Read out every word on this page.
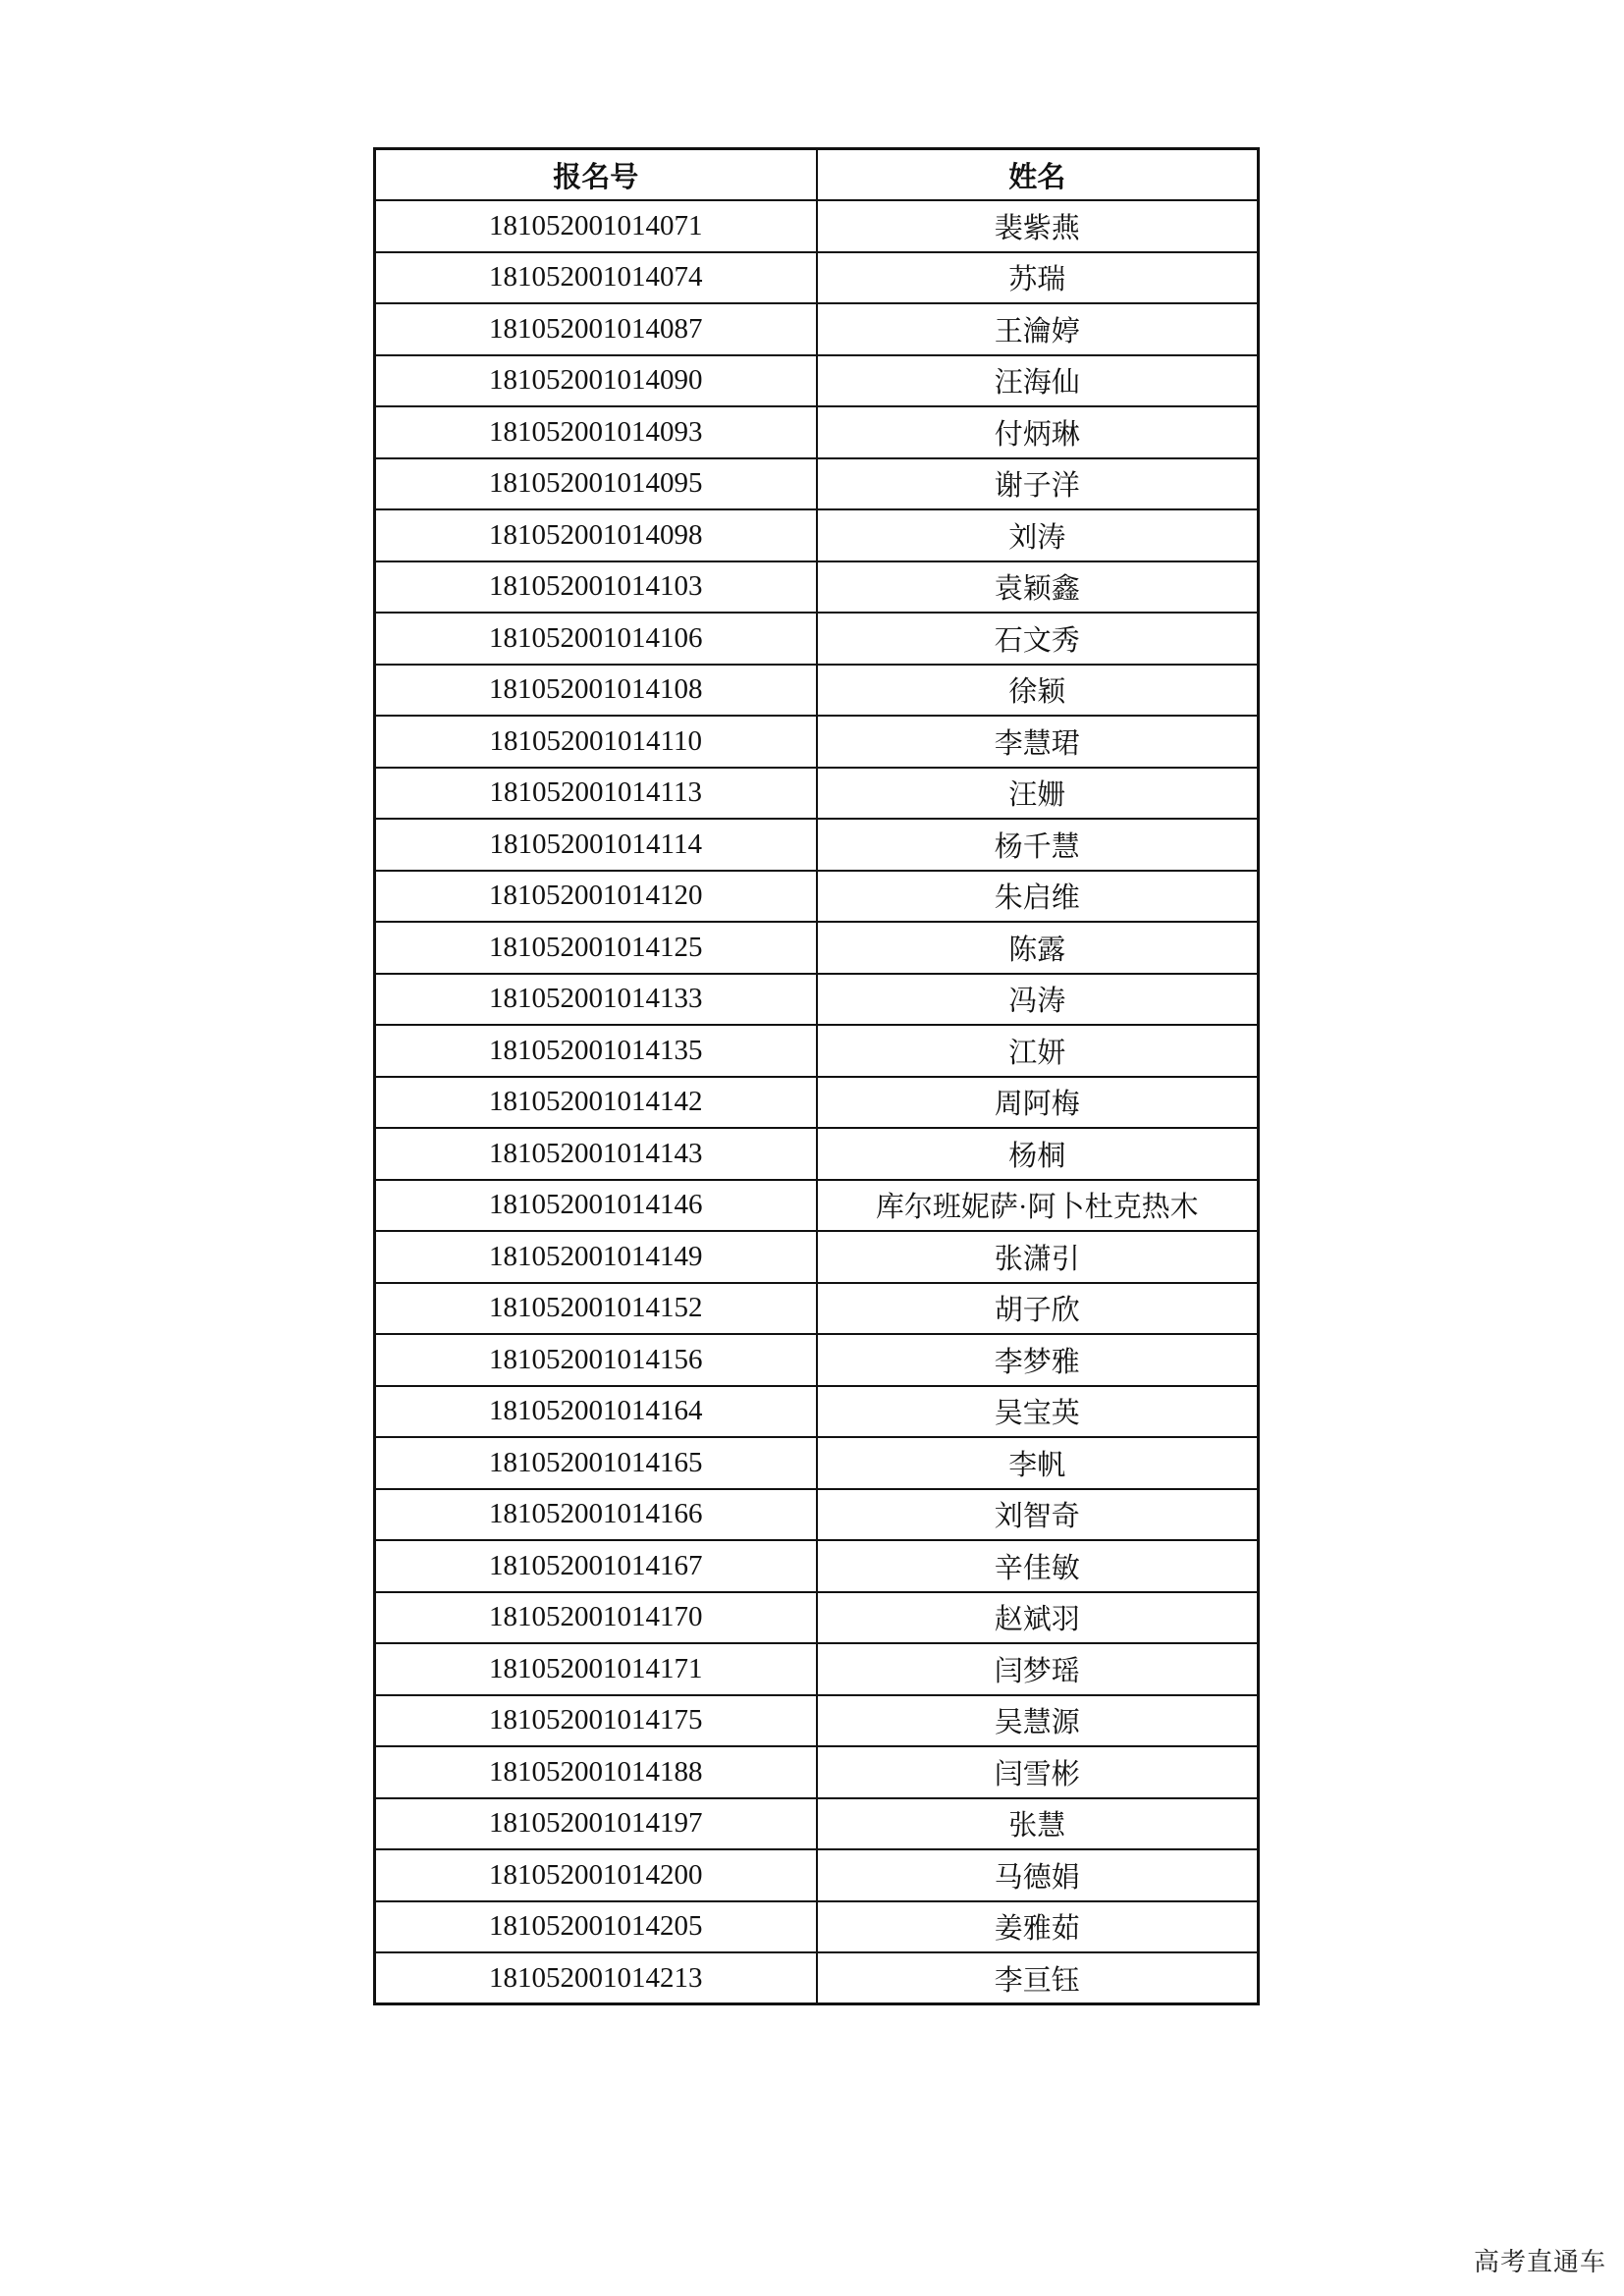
报名号	姓名
181052001014071	裴紫燕
181052001014074	苏瑞
181052001014087	王瀹婷
181052001014090	汪海仙
181052001014093	付炳琳
181052001014095	谢子洋
181052001014098	刘涛
181052001014103	袁颖鑫
181052001014106	石文秀
181052001014108	徐颖
181052001014110	李慧珺
181052001014113	汪姗
181052001014114	杨千慧
181052001014120	朱启维
181052001014125	陈露
181052001014133	冯涛
181052001014135	江妍
181052001014142	周阿梅
181052001014143	杨桐
181052001014146	库尔班妮萨·阿卜杜克热木
181052001014149	张潇引
181052001014152	胡子欣
181052001014156	李梦雅
181052001014164	吴宝英
181052001014165	李帆
181052001014166	刘智奇
181052001014167	辛佳敏
181052001014170	赵斌羽
181052001014171	闫梦瑶
181052001014175	吴慧源
181052001014188	闫雪彬
181052001014197	张慧
181052001014200	马德娟
181052001014205	姜雅茹
181052001014213	李亘钰
高考直通车
